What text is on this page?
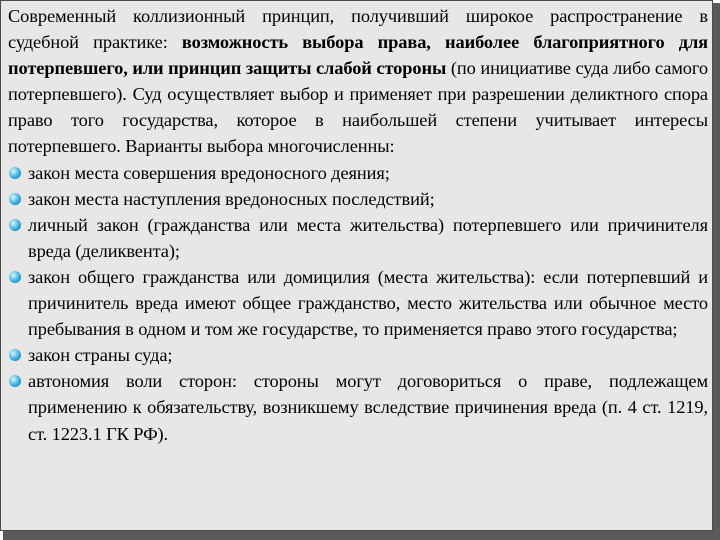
Современный коллизионный принцип, получивший широкое распространение в судебной практике: возможность выбора права, наиболее благоприятного для потерпевшего, или принцип защиты слабой стороны (по инициативе суда либо самого потерпевшего). Суд осуществляет выбор и применяет при разрешении деликтного спора право того государства, которое в наибольшей степени учитывает интересы потерпевшего. Варианты выбора многочисленны:

закон места совершения вредоносного деяния;
закон места наступления вредоносных последствий;
личный закон (гражданства или места жительства) потерпевшего или причинителя вреда (деликвента);
закон общего гражданства или домицилия (места жительства): если потерпевший и причинитель вреда имеют общее гражданство, место жительства или обычное место пребывания в одном и том же государстве, то применяется право этого государства;
закон страны суда;
автономия воли сторон: стороны могут договориться о праве, подлежащем применению к обязательству, возникшему вследствие причинения вреда (п. 4 ст. 1219, ст. 1223.1 ГК РФ).
